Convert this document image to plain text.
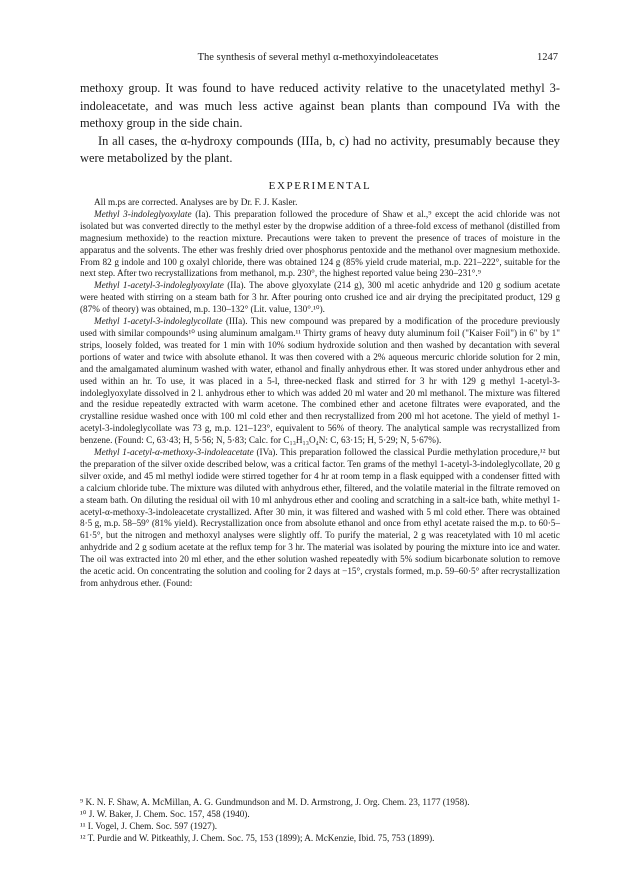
The synthesis of several methyl α-methoxyindoleacetates	1247

methoxy group. It was found to have reduced activity relative to the unacetylated methyl 3-indoleacetate, and was much less active against bean plants than compound IVa with the methoxy group in the side chain.

In all cases, the α-hydroxy compounds (IIIa, b, c) had no activity, presumably because they were metabolized by the plant.

EXPERIMENTAL

All m.ps are corrected. Analyses are by Dr. F. J. Kasler.

Methyl 3-indoleglyoxylate (Ia). This preparation followed the procedure of Shaw et al.,⁹ except the acid chloride was not isolated but was converted directly to the methyl ester by the dropwise addition of a three-fold excess of methanol (distilled from magnesium methoxide) to the reaction mixture. Precautions were taken to prevent the presence of traces of moisture in the apparatus and the solvents. The ether was freshly dried over phosphorus pentoxide and the methanol over magnesium methoxide. From 82 g indole and 100 g oxalyl chloride, there was obtained 124 g (85% yield crude material, m.p. 221–222°, suitable for the next step. After two recrystallizations from methanol, m.p. 230°, the highest reported value being 230–231°.⁹

Methyl 1-acetyl-3-indoleglyoxylate (IIa). The above glyoxylate (214 g), 300 ml acetic anhydride and 120 g sodium acetate were heated with stirring on a steam bath for 3 hr. After pouring onto crushed ice and air drying the precipitated product, 129 g (87% of theory) was obtained, m.p. 130–132° (Lit. value, 130°.¹⁰).

Methyl 1-acetyl-3-indoleglycollate (IIIa). This new compound was prepared by a modification of the procedure previously used with similar compounds¹⁰ using aluminum amalgam.¹¹ Thirty grams of heavy duty aluminum foil ("Kaiser Foil") in 6" by 1" strips, loosely folded, was treated for 1 min with 10% sodium hydroxide solution and then washed by decantation with several portions of water and twice with absolute ethanol. It was then covered with a 2% aqueous mercuric chloride solution for 2 min, and the amalgamated aluminum washed with water, ethanol and finally anhydrous ether. It was stored under anhydrous ether and used within an hr. To use, it was placed in a 5-l, three-necked flask and stirred for 3 hr with 129 g methyl 1-acetyl-3-indoleglyoxylate dissolved in 2 l. anhydrous ether to which was added 20 ml water and 20 ml methanol. The mixture was filtered and the residue repeatedly extracted with warm acetone. The combined ether and acetone filtrates were evaporated, and the crystalline residue washed once with 100 ml cold ether and then recrystallized from 200 ml hot acetone. The yield of methyl 1-acetyl-3-indoleglycollate was 73 g, m.p. 121–123°, equivalent to 56% of theory. The analytical sample was recrystallized from benzene. (Found: C, 63·43; H, 5·56; N, 5·83; Calc. for C₁₃H₁₃O₄N: C, 63·15; H, 5·29; N, 5·67%).

Methyl 1-acetyl-α-methoxy-3-indoleacetate (IVa). This preparation followed the classical Purdie methylation procedure,¹² but the preparation of the silver oxide described below, was a critical factor. Ten grams of the methyl 1-acetyl-3-indoleglycollate, 20 g silver oxide, and 45 ml methyl iodide were stirred together for 4 hr at room temp in a flask equipped with a condenser fitted with a calcium chloride tube. The mixture was diluted with anhydrous ether, filtered, and the volatile material in the filtrate removed on a steam bath. On diluting the residual oil with 10 ml anhydrous ether and cooling and scratching in a salt-ice bath, white methyl 1-acetyl-α-methoxy-3-indoleacetate crystallized. After 30 min, it was filtered and washed with 5 ml cold ether. There was obtained 8·5 g, m.p. 58–59° (81% yield). Recrystallization once from absolute ethanol and once from ethyl acetate raised the m.p. to 60·5–61·5°, but the nitrogen and methoxyl analyses were slightly off. To purify the material, 2 g was reacetylated with 10 ml acetic anhydride and 2 g sodium acetate at the reflux temp for 3 hr. The material was isolated by pouring the mixture into ice and water. The oil was extracted into 20 ml ether, and the ether solution washed repeatedly with 5% sodium bicarbonate solution to remove the acetic acid. On concentrating the solution and cooling for 2 days at −15°, crystals formed, m.p. 59–60·5° after recrystallization from anhydrous ether. (Found:

⁹ K. N. F. Shaw, A. McMillan, A. G. Gundmundson and M. D. Armstrong, J. Org. Chem. 23, 1177 (1958).

¹⁰ J. W. Baker, J. Chem. Soc. 157, 458 (1940).

¹¹ I. Vogel, J. Chem. Soc. 597 (1927).

¹² T. Purdie and W. Pitkeathly, J. Chem. Soc. 75, 153 (1899); A. McKenzie, Ibid. 75, 753 (1899).
